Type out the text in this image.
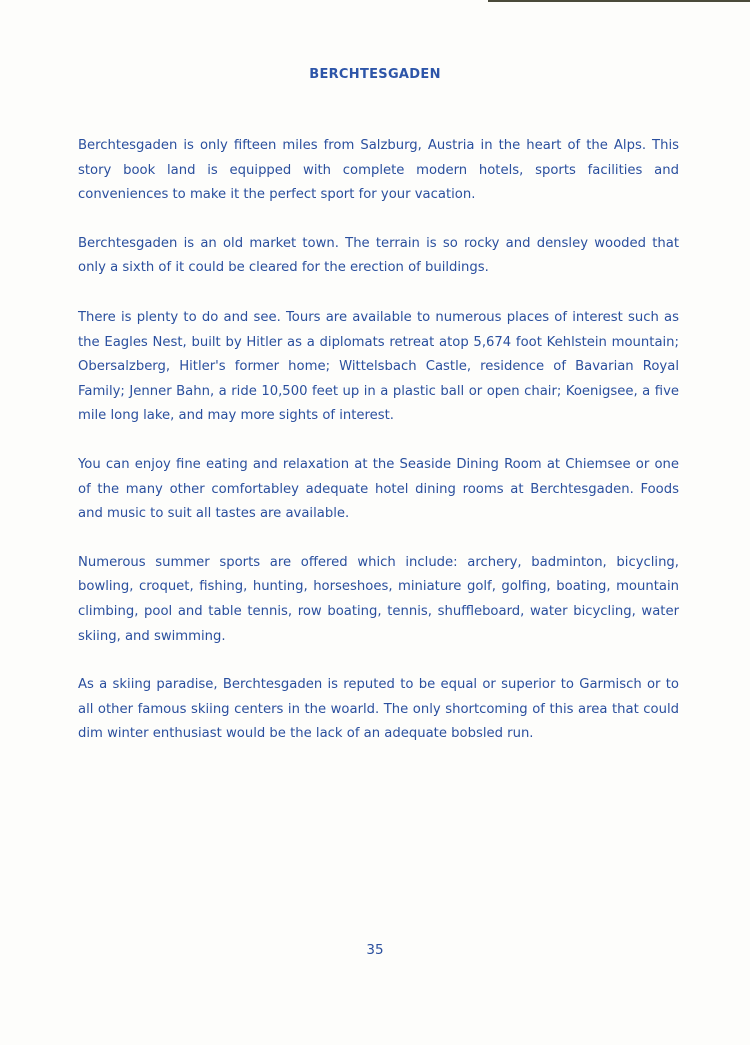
BERCHTESGADEN

Berchtesgaden is only fifteen miles from Salzburg, Austria in the heart of the Alps. This story book land is equipped with complete modern hotels, sports facilities and conveniences to make it the perfect sport for your vacation.

Berchtesgaden is an old market town. The terrain is so rocky and densley wooded that only a sixth of it could be cleared for the erection of buildings.

There is plenty to do and see. Tours are available to numerous places of interest such as the Eagles Nest, built by Hitler as a diplomats retreat atop 5,674 foot Kehlstein mountain; Obersalzberg, Hitler's former home; Wittelsbach Castle, residence of Bavarian Royal Family; Jenner Bahn, a ride 10,500 feet up in a plastic ball or open chair; Koenigsee, a five mile long lake, and may more sights of interest.

You can enjoy fine eating and relaxation at the Seaside Dining Room at Chiemsee or one of the many other comfortabley adequate hotel dining rooms at Berchtesgaden. Foods and music to suit all tastes are available.

Numerous summer sports are offered which include: archery, badminton, bicycling, bowling, croquet, fishing, hunting, horseshoes, miniature golf, golfing, boating, mountain climbing, pool and table tennis, row boating, tennis, shuffleboard, water bicycling, water skiing, and swimming.

As a skiing paradise, Berchtesgaden is reputed to be equal or superior to Garmisch or to all other famous skiing centers in the woarld. The only shortcoming of this area that could dim winter enthusiast would be the lack of an adequate bobsled run.

35
